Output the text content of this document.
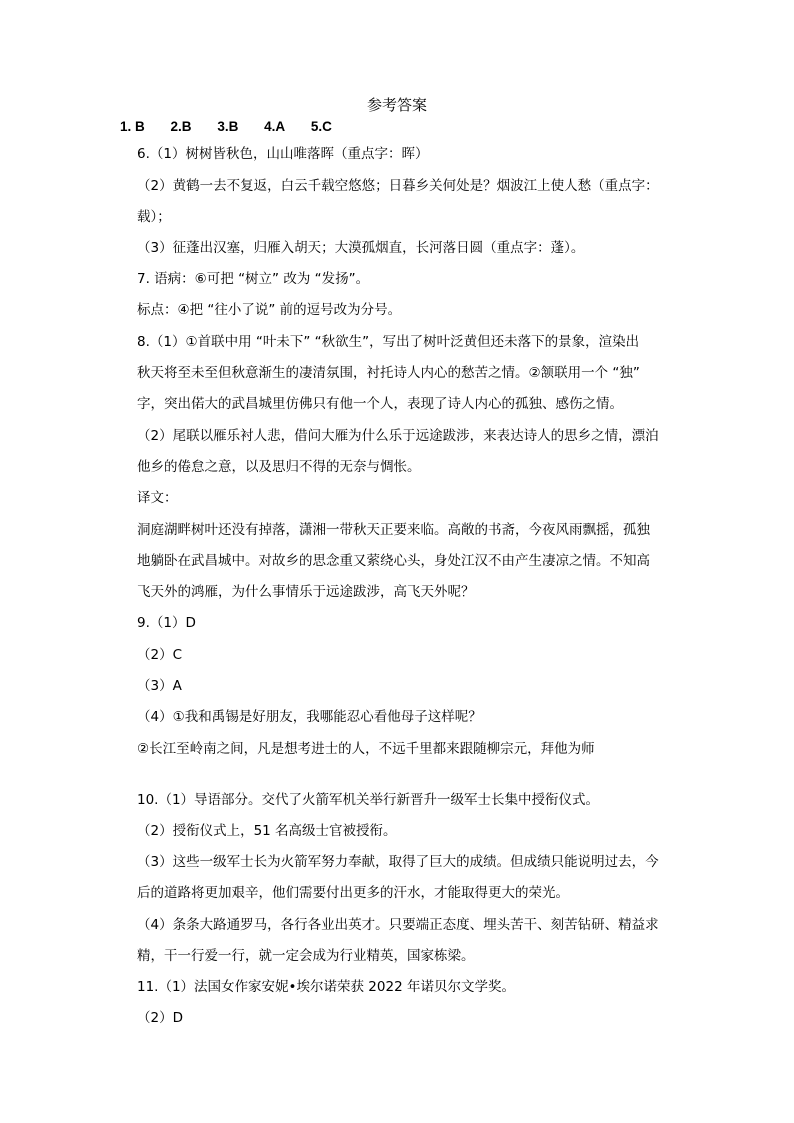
参考答案
1. B 2.B 3.B 4.A 5.C
6.（1）树树皆秋色，山山唯落晖（重点字：晖）
（2）黄鹤一去不复返，白云千载空悠悠；日暮乡关何处是？烟波江上使人愁（重点字：
载）；
（3）征蓬出汉塞，归雁入胡天；大漠孤烟直，长河落日圆（重点字：蓬）。
7. 语病：⑥可把 “树立” 改为 “发扬”。
标点：④把 “往小了说” 前的逗号改为分号。
8.（1）①首联中用 “叶未下” “秋欲生”，写出了树叶泛黄但还未落下的景象，渲染出
秋天将至未至但秋意渐生的凄清氛围，衬托诗人内心的愁苦之情。②颔联用一个 “独”
字，突出偌大的武昌城里仿佛只有他一个人，表现了诗人内心的孤独、感伤之情。
（2）尾联以雁乐衬人悲，借问大雁为什么乐于远途跋涉，来表达诗人的思乡之情，漂泊
他乡的倦怠之意，以及思归不得的无奈与惆怅。
译文：
洞庭湖畔树叶还没有掉落，潇湘一带秋天正要来临。高敞的书斋，今夜风雨飘摇，孤独
地躺卧在武昌城中。对故乡的思念重又萦绕心头，身处江汉不由产生凄凉之情。不知高
飞天外的鸿雁，为什么事情乐于远途跋涉，高飞天外呢？
9.（1）D
（2）C
（3）A
（4）①我和禹锡是好朋友，我哪能忍心看他母子这样呢？
②长江至岭南之间，凡是想考进士的人，不远千里都来跟随柳宗元，拜他为师
10.（1）导语部分。交代了火箭军机关举行新晋升一级军士长集中授衔仪式。
（2）授衔仪式上，51 名高级士官被授衔。
（3）这些一级军士长为火箭军努力奉献，取得了巨大的成绩。但成绩只能说明过去，今
后的道路将更加艰辛，他们需要付出更多的汗水，才能取得更大的荣光。
（4）条条大路通罗马，各行各业出英才。只要端正态度、埋头苦干、刻苦钻研、精益求
精，干一行爱一行，就一定会成为行业精英，国家栋梁。
11.（1）法国女作家安妮•埃尔诺荣获 2022 年诺贝尔文学奖。
（2）D
